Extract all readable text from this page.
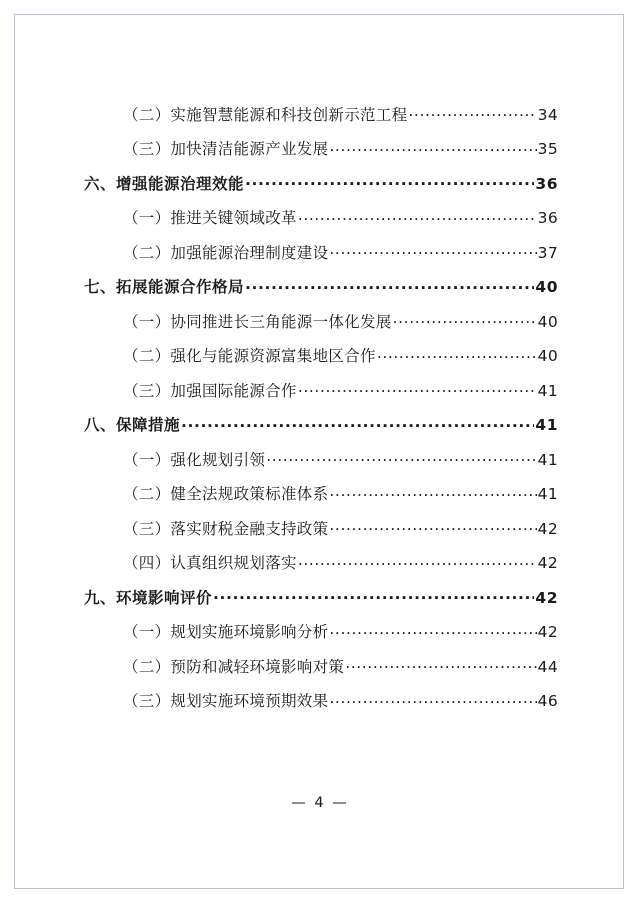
（二）实施智慧能源和科技创新示范工程 .....	34
（三）加快清洁能源产业发展 .....	35
六、增强能源治理效能 .....	36
（一）推进关键领域改革 .....	36
（二）加强能源治理制度建设 .....	37
七、拓展能源合作格局 .....	40
（一）协同推进长三角能源一体化发展 .....	40
（二）强化与能源资源富集地区合作 .....	40
（三）加强国际能源合作 .....	41
八、保障措施 .....	41
（一）强化规划引领 .....	41
（二）健全法规政策标准体系 .....	41
（三）落实财税金融支持政策 .....	42
（四）认真组织规划落实 .....	42
九、环境影响评价 .....	42
（一）规划实施环境影响分析 .....	42
（二）预防和减轻环境影响对策 .....	44
（三）规划实施环境预期效果 .....	46
— 4 —
